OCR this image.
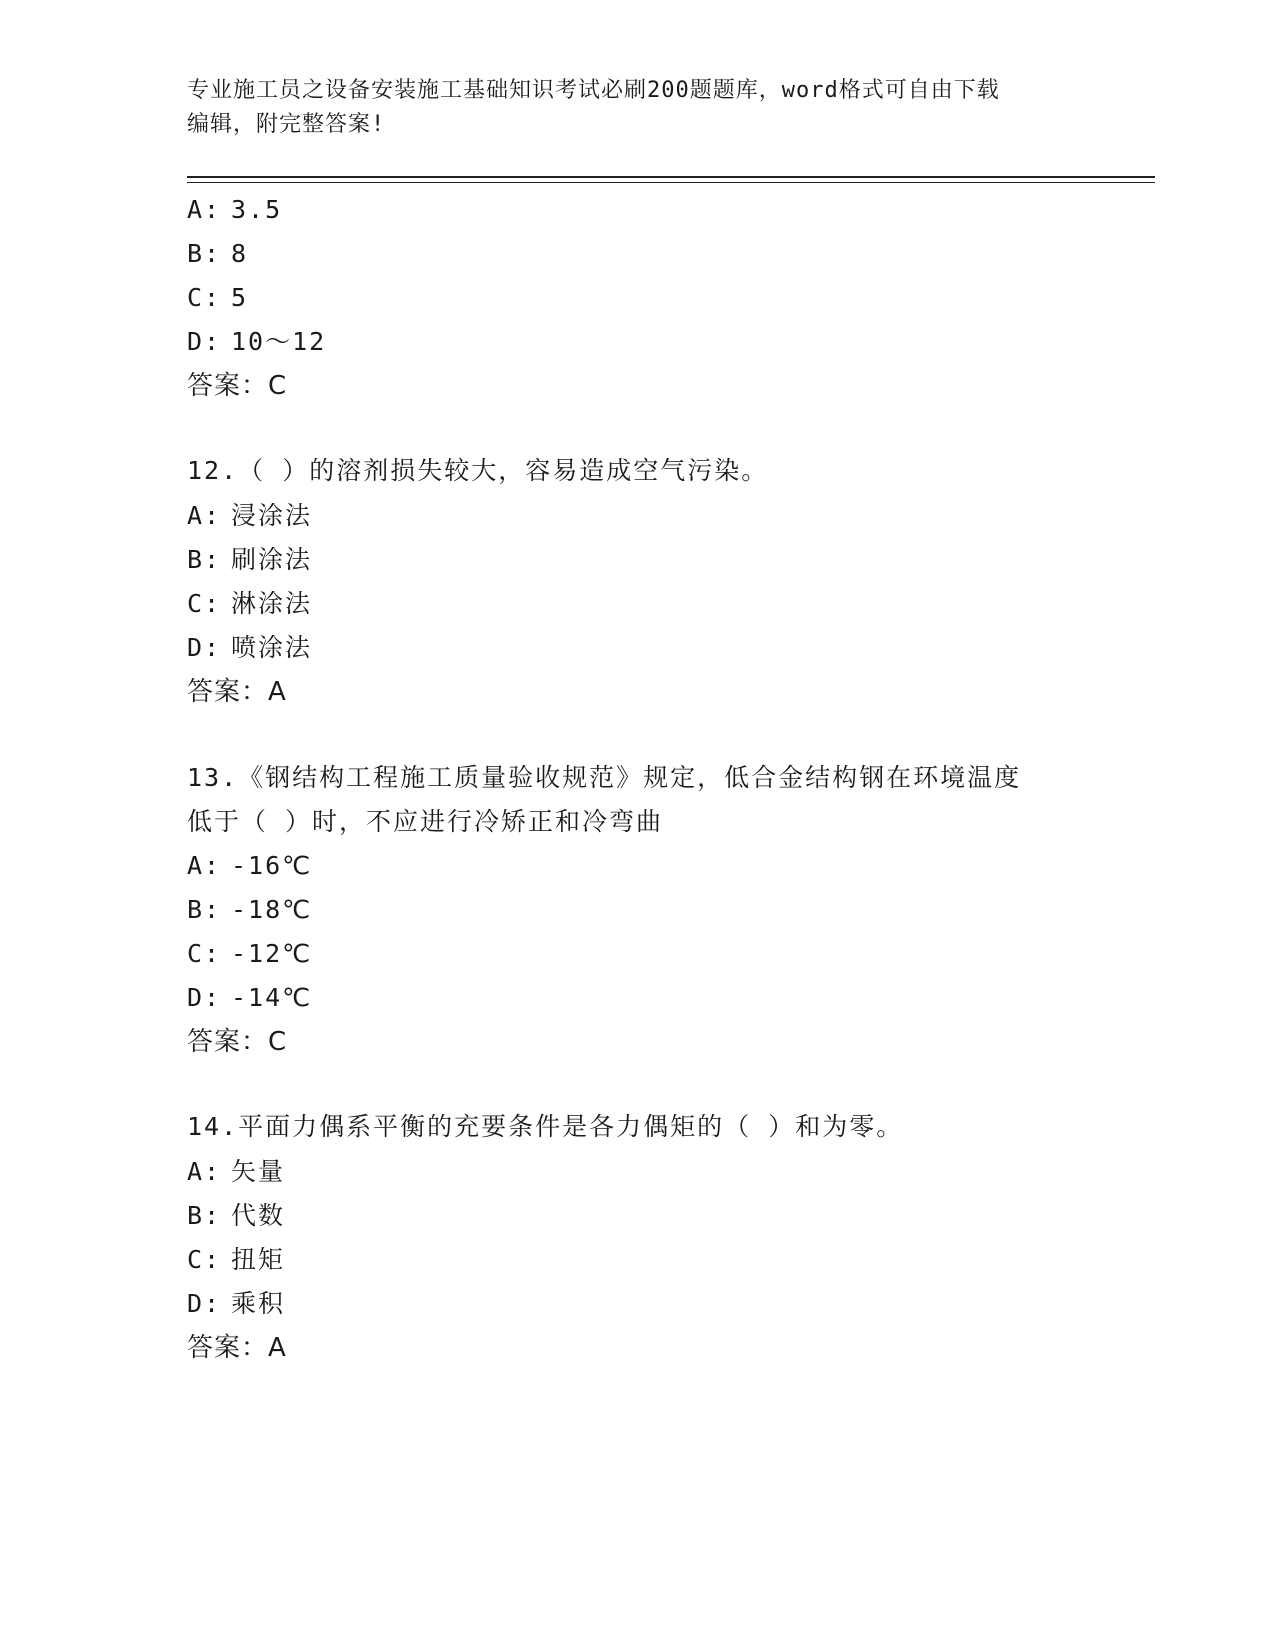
专业施工员之设备安装施工基础知识考试必刷200题题库，word格式可自由下载
编辑，附完整答案!
A: 3.5
B: 8
C: 5
D: 10～12
答案：C
12.（ ）的溶剂损失较大，容易造成空气污染。
A: 浸涂法
B: 刷涂法
C: 淋涂法
D: 喷涂法
答案：A
13.《钢结构工程施工质量验收规范》规定，低合金结构钢在环境温度
低于（ ）时，不应进行冷矫正和冷弯曲
A: -16℃
B: -18℃
C: -12℃
D: -14℃
答案：C
14.平面力偶系平衡的充要条件是各力偶矩的（ ）和为零。
A: 矢量
B: 代数
C: 扭矩
D: 乘积
答案：A
